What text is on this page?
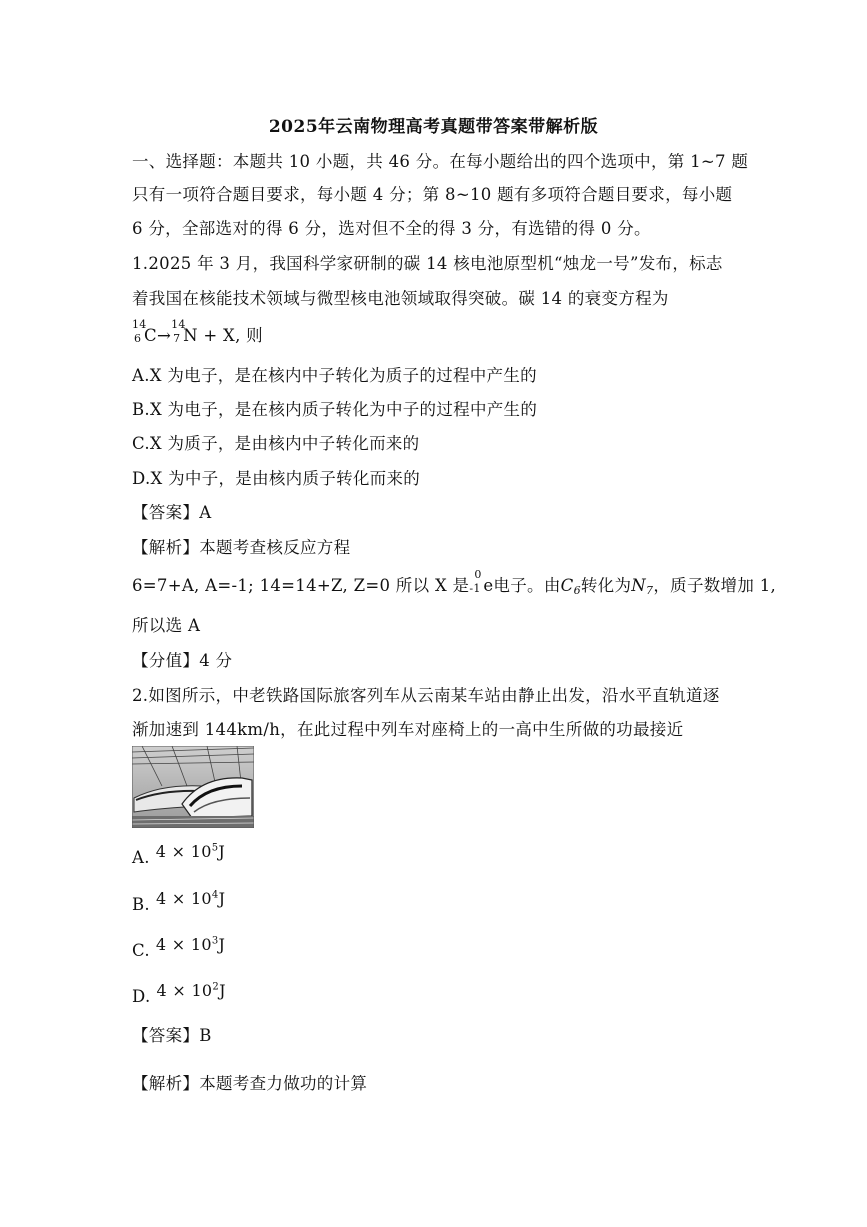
2025年云南物理高考真题带答案带解析版
一、选择题：本题共 10 小题，共 46 分。在每小题给出的四个选项中，第 1~7 题
只有一项符合题目要求，每小题 4 分；第 8~10 题有多项符合题目要求，每小题
6 分，全部选对的得 6 分，选对但不全的得 3 分，有选错的得 0 分。
1.2025 年 3 月，我国科学家研制的碳 14 核电池原型机“烛龙一号”发布，标志
着我国在核能技术领域与微型核电池领域取得突破。碳 14 的衰变方程为
14
6 C→
14
7 N + X, 则
A.X 为电子，是在核内中子转化为质子的过程中产生的
B.X 为电子，是在核内质子转化为中子的过程中产生的
C.X 为质子，是由核内中子转化而来的
D.X 为中子，是由核内质子转化而来的
【答案】A
【解析】本题考查核反应方程
6=7+A, A=-1; 14=14+Z, Z=0 所以 X 是
0
-1 e电子。由C6转化为N7，质子数增加 1,
所以选 A
【分值】4 分
2.如图所示，中老铁路国际旅客列车从云南某车站由静止出发，沿水平直轨道逐
渐加速到 144km/h，在此过程中列车对座椅上的一高中生所做的功最接近
A. $4 \times 10^5J$
B. $4 \times 10^4J$
C. $4 \times 10^3J$
D. $4 \times 10^2J$
【答案】B
【解析】本题考查力做功的计算
